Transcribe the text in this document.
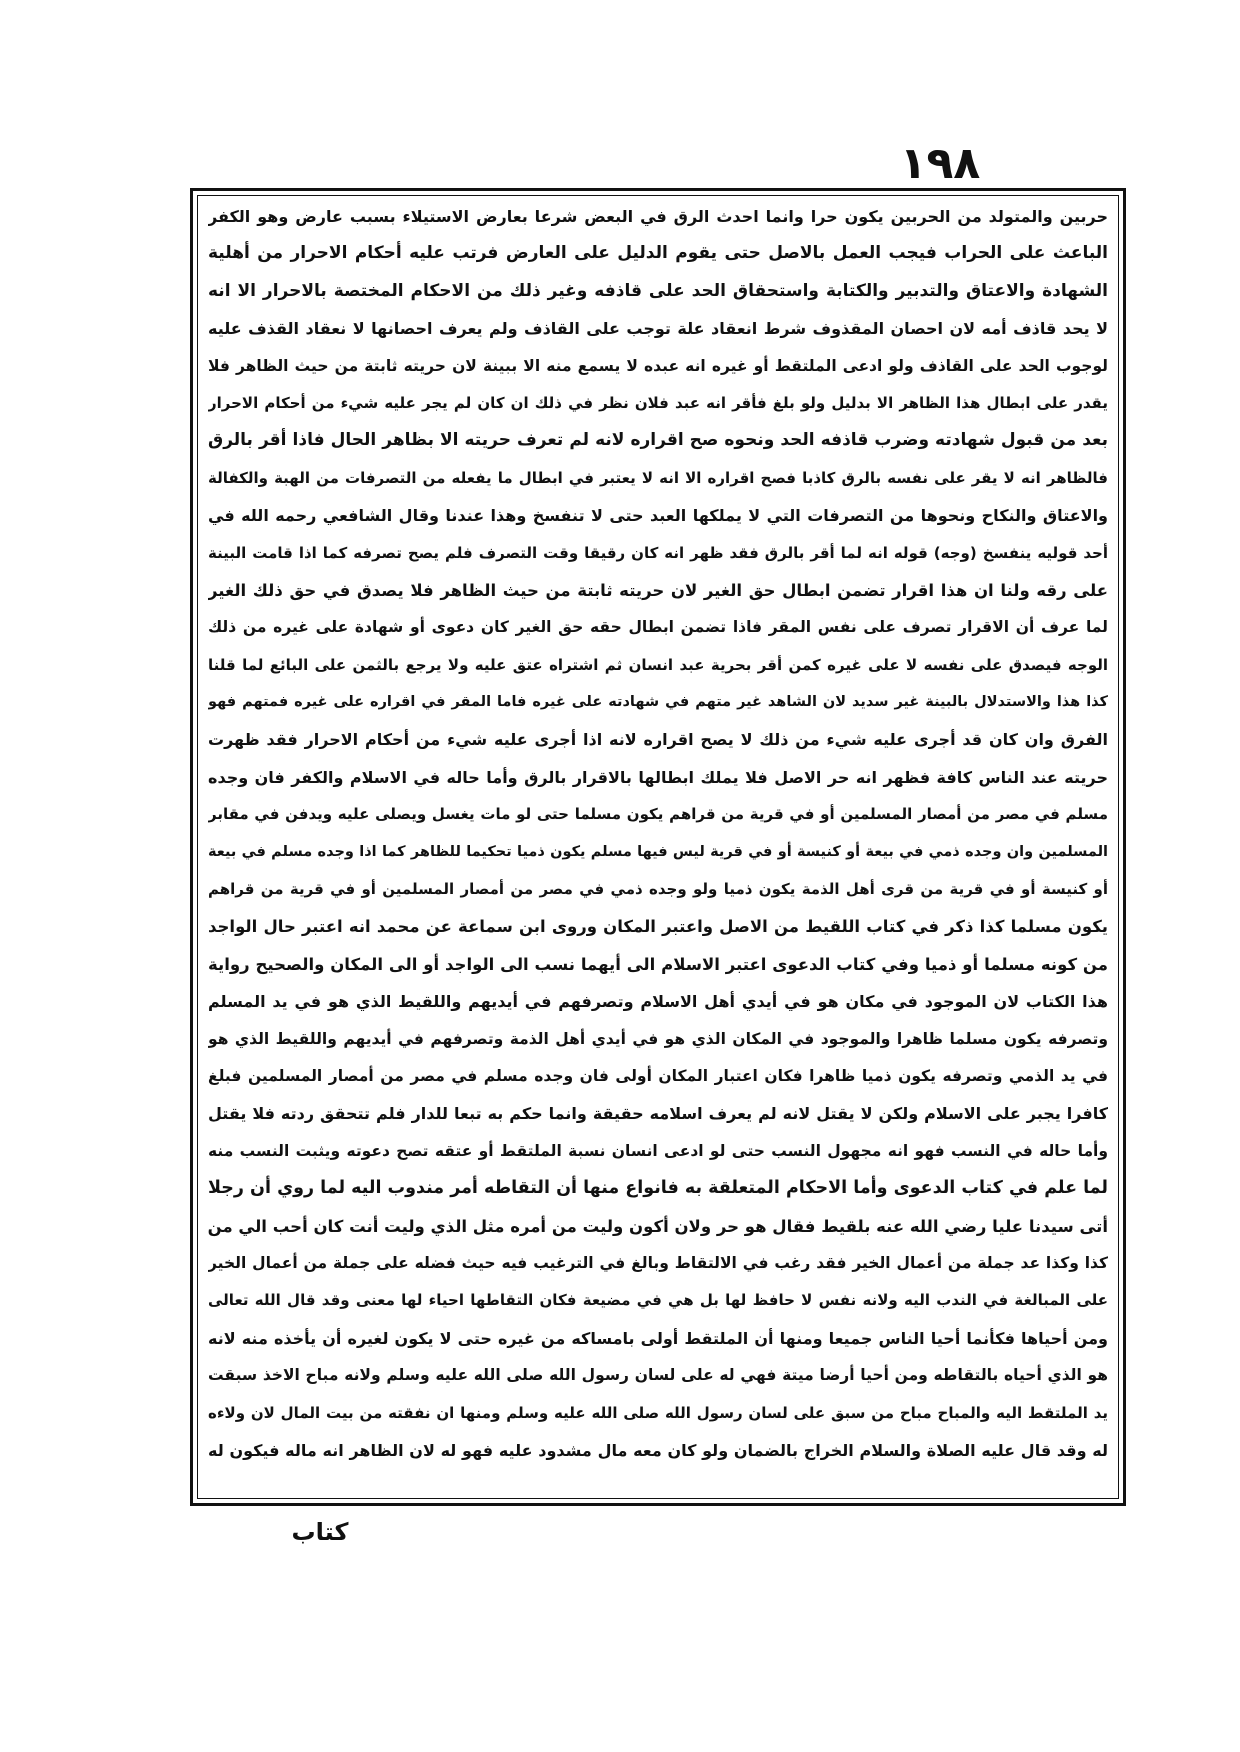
١٩٨
حربين والمتولد من الحربين يكون حرا وانما احدث الرق في البعض شرعا بعارض الاستيلاء بسبب عارض وهو الكفر
الباعث على الحراب فيجب العمل بالاصل حتى يقوم الدليل على العارض فرتب عليه أحكام الاحرار من أهلية
الشهادة والاعتاق والتدبير والكتابة واستحقاق الحد على قاذفه وغير ذلك من الاحكام المختصة بالاحرار الا انه
لا يحد قاذف أمه لان احصان المقذوف شرط انعقاد علة توجب على القاذف ولم يعرف احصانها لا نعقاد القذف عليه
لوجوب الحد على القاذف ولو ادعى الملتقط أو غيره انه عبده لا يسمع منه الا ببينة لان حريته ثابتة من حيث الظاهر فلا
يقدر على ابطال هذا الظاهر الا بدليل ولو بلغ فأقر انه عبد فلان نظر في ذلك ان كان لم يجر عليه شيء من أحكام الاحرار
بعد من قبول شهادته وضرب قاذفه الحد ونحوه صح اقراره لانه لم تعرف حريته الا بظاهر الحال فاذا أقر بالرق
فالظاهر انه لا يقر على نفسه بالرق كاذبا فصح اقراره الا انه لا يعتبر في ابطال ما يفعله من التصرفات من الهبة والكفالة
والاعتاق والنكاح ونحوها من التصرفات التي لا يملكها العبد حتى لا تنفسخ وهذا عندنا وقال الشافعي رحمه الله في
أحد قوليه ينفسخ (وجه) قوله انه لما أقر بالرق فقد ظهر انه كان رقيقا وقت التصرف فلم يصح تصرفه كما اذا قامت البينة
على رقه ولنا ان هذا اقرار تضمن ابطال حق الغير لان حريته ثابتة من حيث الظاهر فلا يصدق في حق ذلك الغير
لما عرف أن الاقرار تصرف على نفس المقر فاذا تضمن ابطال حقه حق الغير كان دعوى أو شهادة على غيره من ذلك
الوجه فيصدق على نفسه لا على غيره كمن أقر بحرية عبد انسان ثم اشتراه عتق عليه ولا يرجع بالثمن على البائع لما قلنا
كذا هذا والاستدلال بالبينة غير سديد لان الشاهد غير متهم في شهادته على غيره فاما المقر في اقراره على غيره فمتهم فهو
الفرق وان كان قد أجرى عليه شيء من ذلك لا يصح اقراره لانه اذا أجرى عليه شيء من أحكام الاحرار فقد ظهرت
حريته عند الناس كافة فظهر انه حر الاصل فلا يملك ابطالها بالاقرار بالرق وأما حاله في الاسلام والكفر فان وجده
مسلم في مصر من أمصار المسلمين أو في قرية من قراهم يكون مسلما حتى لو مات يغسل ويصلى عليه ويدفن في مقابر
المسلمين وان وجده ذمي في بيعة أو كنيسة أو في قرية ليس فيها مسلم يكون ذميا تحكيما للظاهر كما اذا وجده مسلم في بيعة
أو كنيسة أو في قرية من قرى أهل الذمة يكون ذميا ولو وجده ذمي في مصر من أمصار المسلمين أو في قرية من قراهم
يكون مسلما كذا ذكر في كتاب اللقيط من الاصل واعتبر المكان وروى ابن سماعة عن محمد انه اعتبر حال الواجد
من كونه مسلما أو ذميا وفي كتاب الدعوى اعتبر الاسلام الى أيهما نسب الى الواجد أو الى المكان والصحيح رواية
هذا الكتاب لان الموجود في مكان هو في أيدي أهل الاسلام وتصرفهم في أيديهم واللقيط الذي هو في يد المسلم
وتصرفه يكون مسلما ظاهرا والموجود في المكان الذي هو في أيدي أهل الذمة وتصرفهم في أيديهم واللقيط الذي هو
في يد الذمي وتصرفه يكون ذميا ظاهرا فكان اعتبار المكان أولى فان وجده مسلم في مصر من أمصار المسلمين فبلغ
كافرا يجبر على الاسلام ولكن لا يقتل لانه لم يعرف اسلامه حقيقة وانما حكم به تبعا للدار فلم تتحقق ردته فلا يقتل
وأما حاله في النسب فهو انه مجهول النسب حتى لو ادعى انسان نسبة الملتقط أو عتقه تصح دعوته ويثبت النسب منه
لما علم في كتاب الدعوى وأما الاحكام المتعلقة به فانواع منها أن التقاطه أمر مندوب اليه لما روي أن رجلا
أتى سيدنا عليا رضي الله عنه بلقيط فقال هو حر ولان أكون وليت من أمره مثل الذي وليت أنت كان أحب الي من
كذا وكذا عد جملة من أعمال الخير فقد رغب في الالتقاط وبالغ في الترغيب فيه حيث فضله على جملة من أعمال الخير
على المبالغة في الندب اليه ولانه نفس لا حافظ لها بل هي في مضيعة فكان التقاطها احياء لها معنى وقد قال الله تعالى
ومن أحياها فكأنما أحيا الناس جميعا ومنها أن الملتقط أولى بامساكه من غيره حتى لا يكون لغيره أن يأخذه منه لانه
هو الذي أحياه بالتقاطه ومن أحيا أرضا ميتة فهي له على لسان رسول الله صلى الله عليه وسلم ولانه مباح الاخذ سبقت
يد الملتقط اليه والمباح مباح من سبق على لسان رسول الله صلى الله عليه وسلم ومنها ان نفقته من بيت المال لان ولاءه
له وقد قال عليه الصلاة والسلام الخراج بالضمان ولو كان معه مال مشدود عليه فهو له لان الظاهر انه ماله فيكون له
كتاب
